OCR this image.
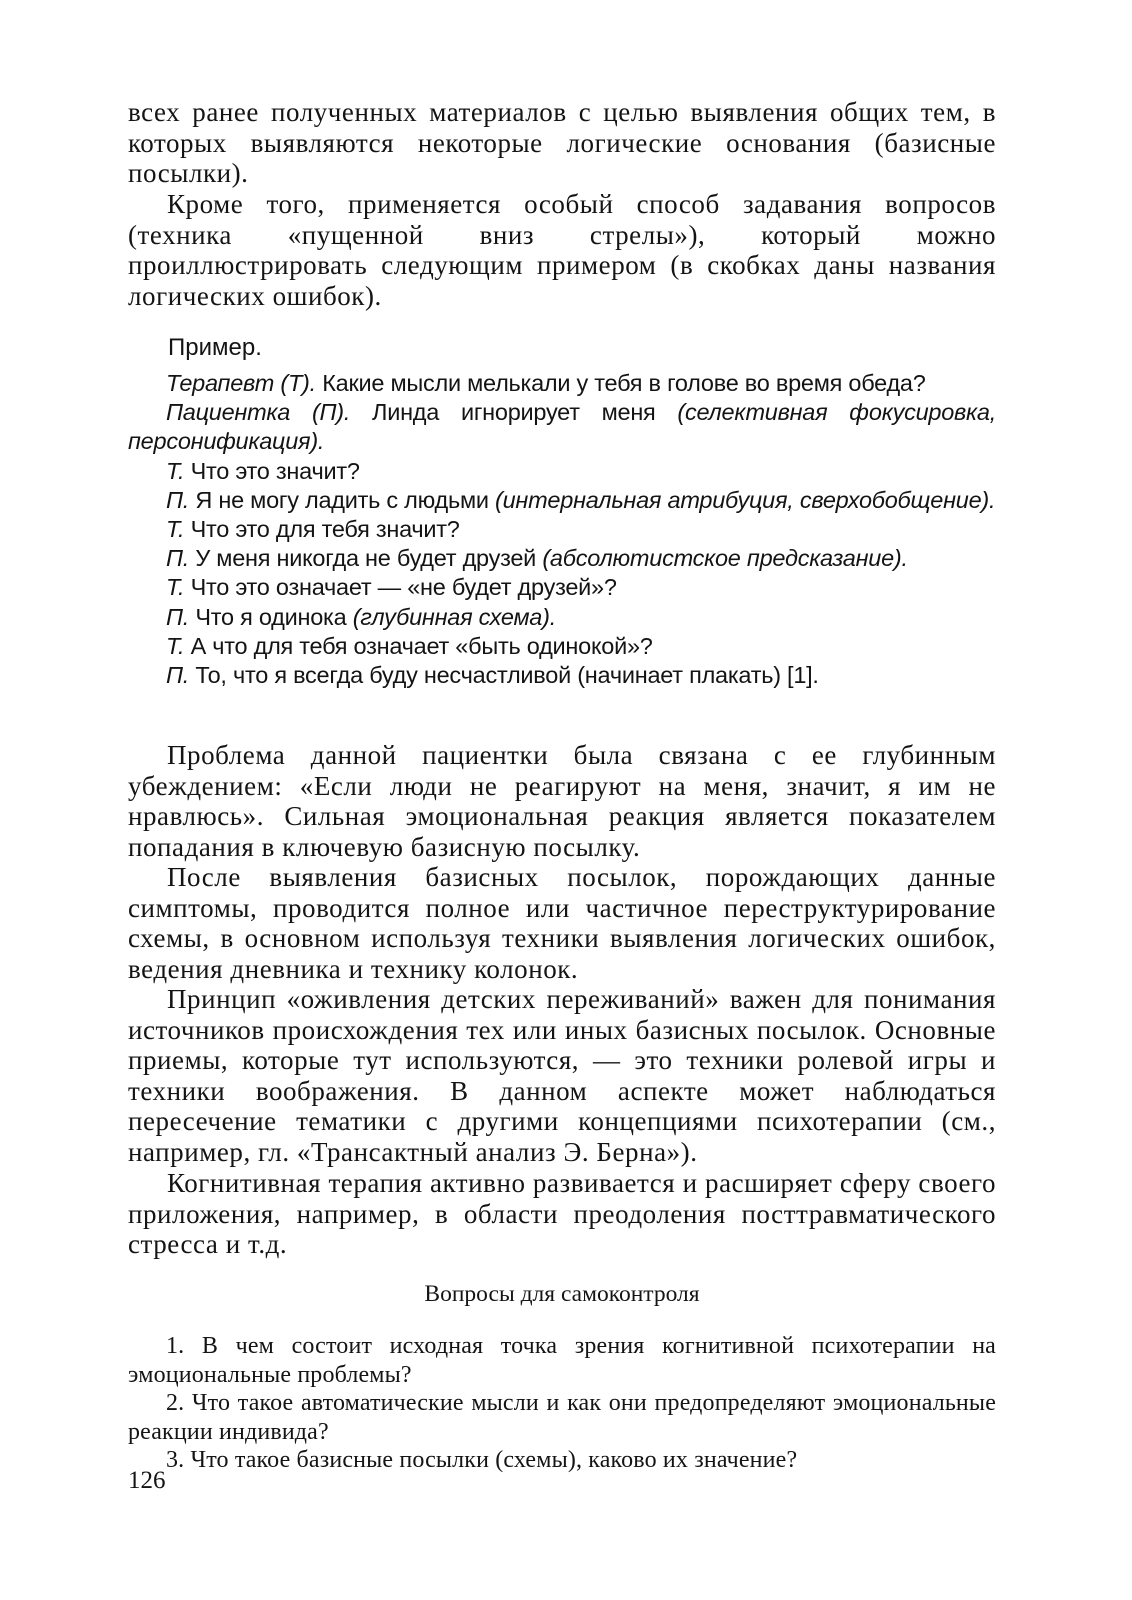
всех ранее полученных материалов с целью выявления общих тем, в которых выявляются некоторые логические основания (базисные посылки).

Кроме того, применяется особый способ задавания вопросов (техника «пущенной вниз стрелы»), который можно проиллюстрировать следующим примером (в скобках даны названия логических ошибок).

Пример.

Терапевт (Т). Какие мысли мелькали у тебя в голове во время обеда?

Пациентка (П). Линда игнорирует меня (селективная фокусировка, персонификация).

Т. Что это значит?

П. Я не могу ладить с людьми (интернальная атрибуция, сверхобобщение).

Т. Что это для тебя значит?

П. У меня никогда не будет друзей (абсолютистское предсказание).

Т. Что это означает — «не будет друзей»?

П. Что я одинока (глубинная схема).

Т. А что для тебя означает «быть одинокой»?

П. То, что я всегда буду несчастливой (начинает плакать) [1].

Проблема данной пациентки была связана с ее глубинным убеждением: «Если люди не реагируют на меня, значит, я им не нравлюсь». Сильная эмоциональная реакция является показателем попадания в ключевую базисную посылку.

После выявления базисных посылок, порождающих данные симптомы, проводится полное или частичное переструктурирование схемы, в основном используя техники выявления логических ошибок, ведения дневника и технику колонок.

Принцип «оживления детских переживаний» важен для понимания источников происхождения тех или иных базисных посылок. Основные приемы, которые тут используются, — это техники ролевой игры и техники воображения. В данном аспекте может наблюдаться пересечение тематики с другими концепциями психотерапии (см., например, гл. «Трансактный анализ Э. Берна»).

Когнитивная терапия активно развивается и расширяет сферу своего приложения, например, в области преодоления посттравматического стресса и т.д.

Вопросы для самоконтроля

1. В чем состоит исходная точка зрения когнитивной психотерапии на эмоциональные проблемы?

2. Что такое автоматические мысли и как они предопределяют эмоциональные реакции индивида?

3. Что такое базисные посылки (схемы), каково их значение?

126
